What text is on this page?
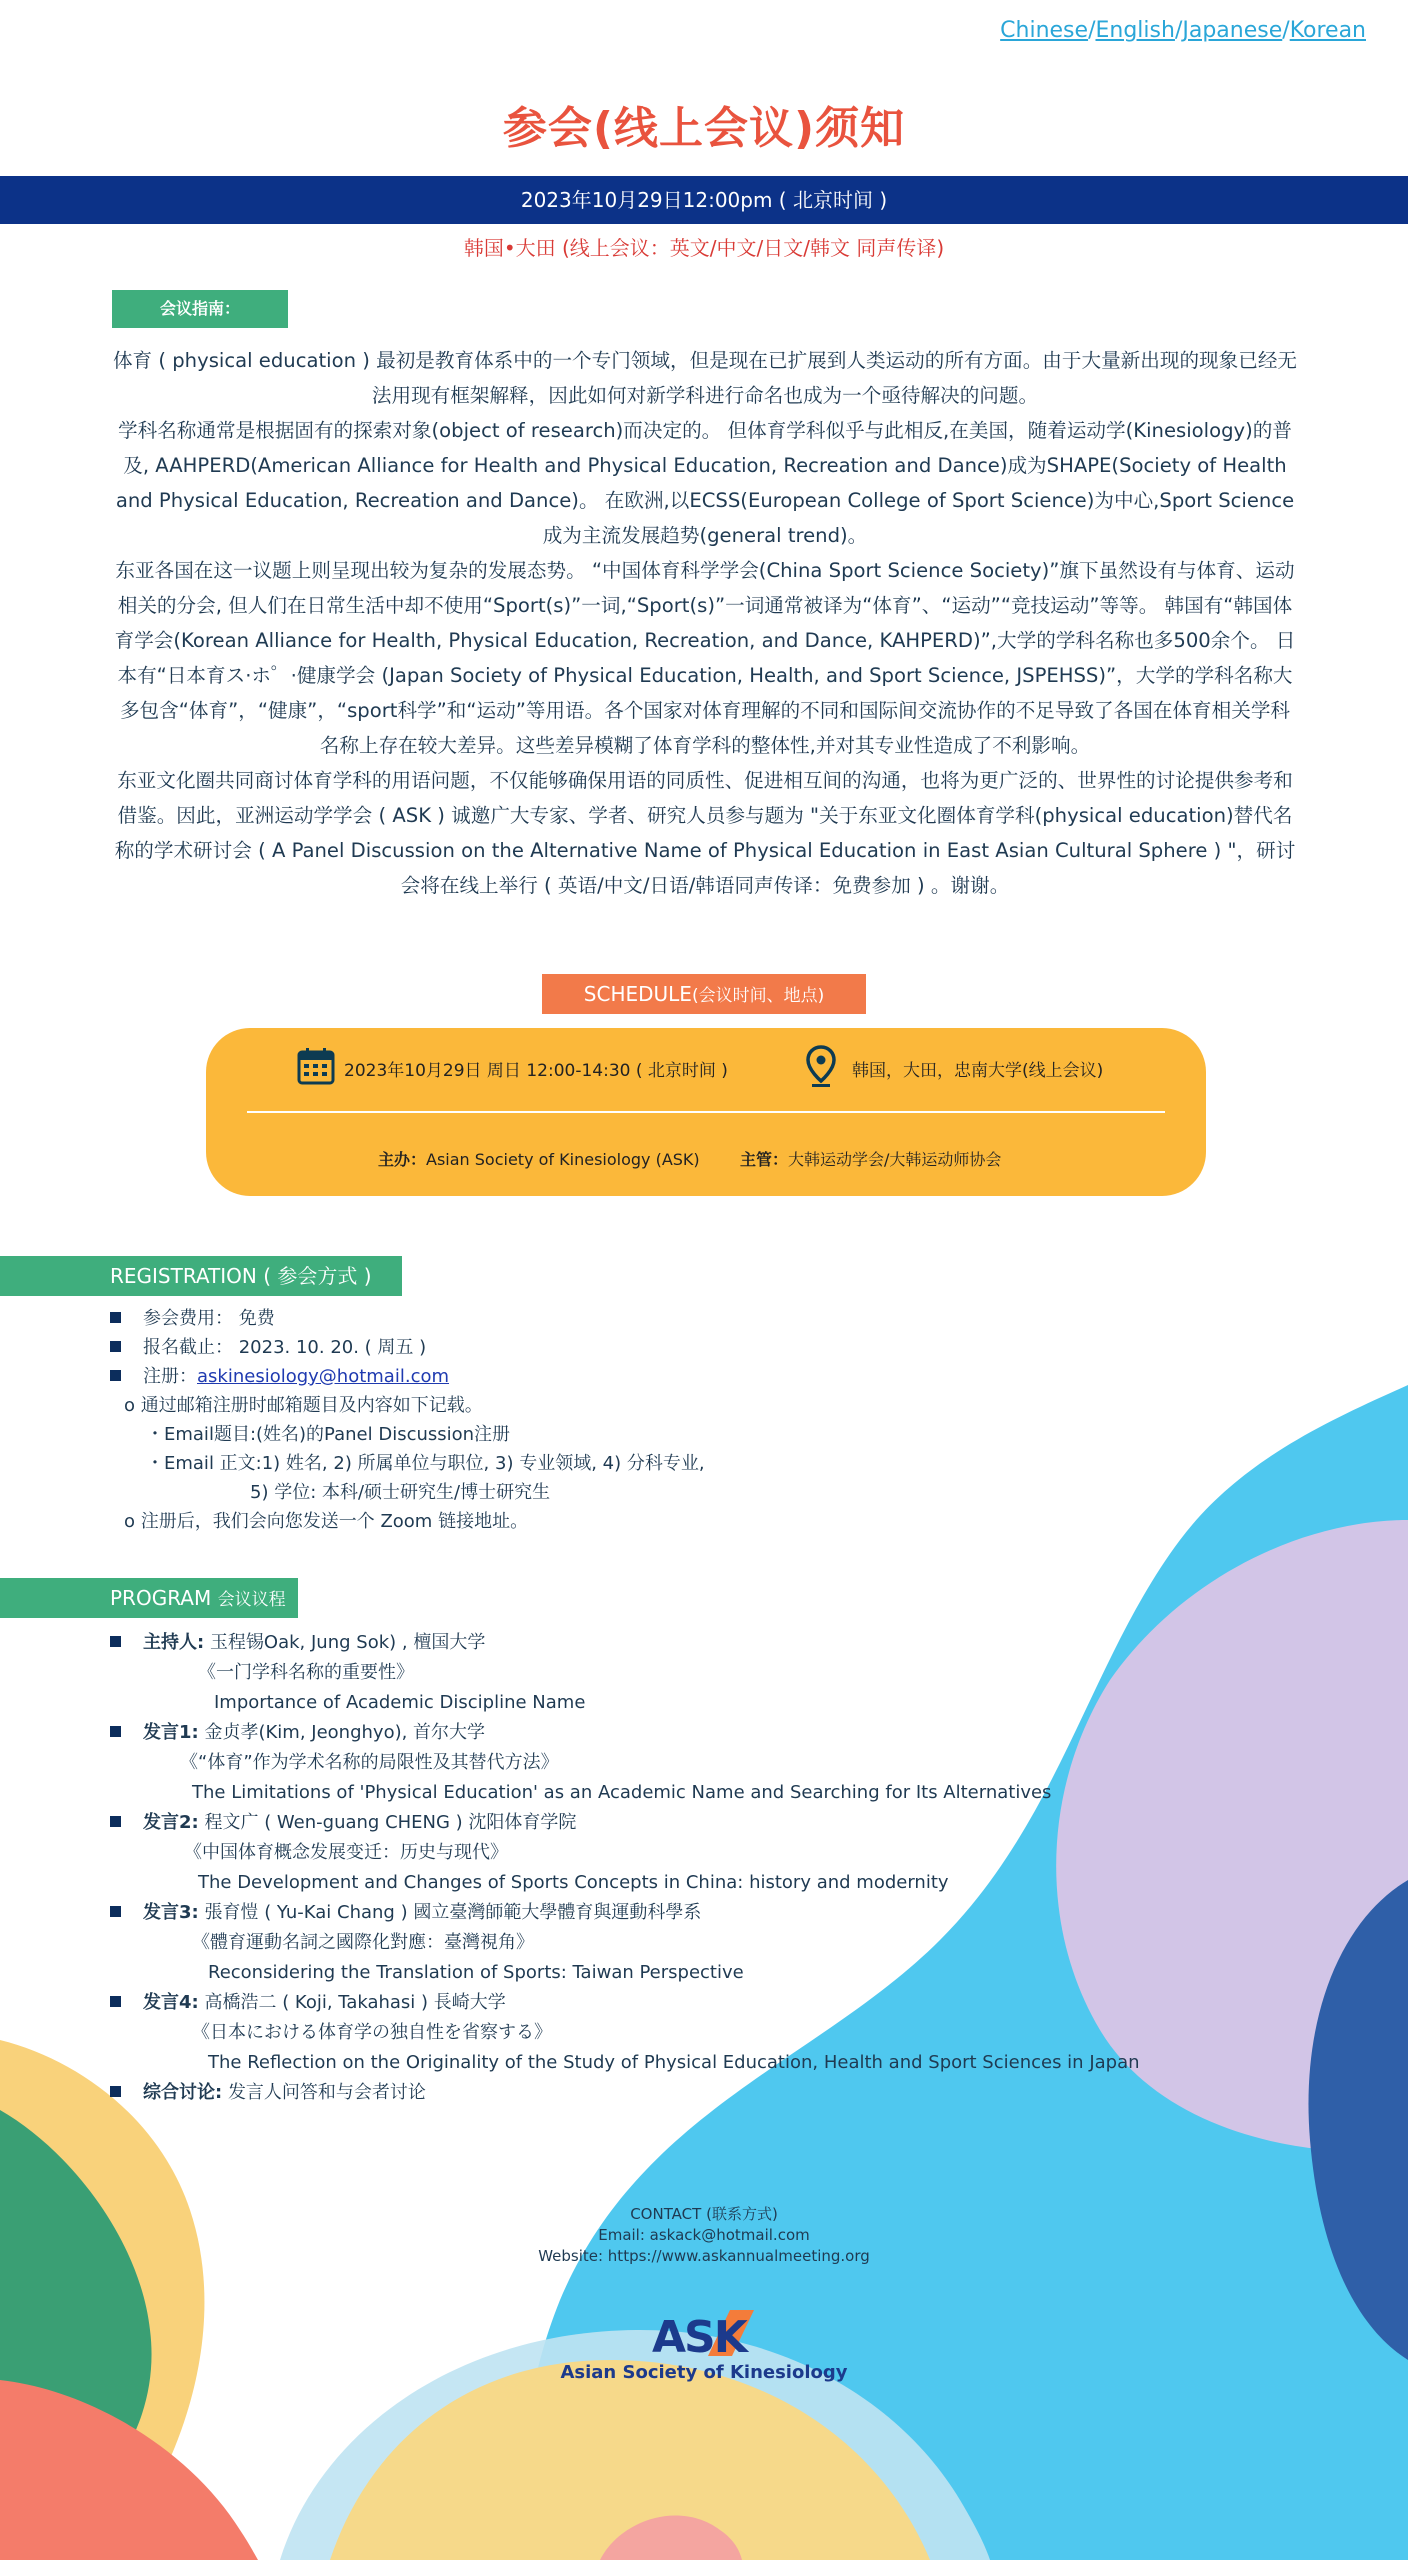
Chinese/English/Japanese/Korean
参会(线上会议)须知
2023年10月29日12:00pm ( 北京时间 )
韩国•大田 (线上会议：英文/中文/日文/韩文 同声传译)
会议指南：

体育 ( physical education ) 最初是教育体系中的一个专门领域，但是现在已扩展到人类运动的所有方面。由于大量新出现的现象已经无法用现有框架解释，因此如何对新学科进行命名也成为一个亟待解决的问题。

学科名称通常是根据固有的探索对象(object of research)而决定的。 但体育学科似乎与此相反,在美国，随着运动学(Kinesiology)的普及, AAHPERD(American Alliance for Health and Physical Education, Recreation and Dance)成为SHAPE(Society of Health and Physical Education, Recreation and Dance)。 在欧洲,以ECSS(European College of Sport Science)为中心,Sport Science成为主流发展趋势(general trend)。

东亚各国在这一议题上则呈现出较为复杂的发展态势。 “中国体育科学学会(China Sport Science Society)”旗下虽然设有与体育、运动相关的分会, 但人们在日常生活中却不使用“Sport(s)”一词,“Sport(s)”一词通常被译为“体育”、“运动”“竞技运动”等等。 韩国有“韩国体育学会(Korean Alliance for Health, Physical Education, Recreation, and Dance, KAHPERD)”,大学的学科名称也多500余个。 日本有“日本育ス·ホ゜·健康学会 (Japan Society of Physical Education, Health, and Sport Science, JSPEHSS)”，大学的学科名称大多包含“体育”，“健康”，“sport科学”和“运动”等用语。各个国家对体育理解的不同和国际间交流协作的不足导致了各国在体育相关学科名称上存在较大差异。这些差异模糊了体育学科的整体性,并对其专业性造成了不利影响。

东亚文化圈共同商讨体育学科的用语问题，不仅能够确保用语的同质性、促进相互间的沟通，也将为更广泛的、世界性的讨论提供参考和借鉴。因此，亚洲运动学学会 ( ASK ) 诚邀广大专家、学者、研究人员参与题为 "关于东亚文化圈体育学科(physical education)替代名称的学术研讨会 ( A Panel Discussion on the Alternative Name of Physical Education in East Asian Cultural Sphere ) "，研讨会将在线上举行 ( 英语/中文/日语/韩语同声传译：免费参加 ) 。谢谢。

SCHEDULE(会议时间、地点)
2023年10月29日 周日 12:00-14:30 ( 北京时间 )	韩国，大田，忠南大学(线上会议)
主办：Asian Society of Kinesiology (ASK)	主管：大韩运动学会/大韩运动师协会
REGISTRATION ( 参会方式 )
参会费用： 免费
报名截止： 2023. 10. 20. ( 周五 )
注册：askinesiology@hotmail.com
o 通过邮箱注册时邮箱题目及内容如下记载。
・Email题目:(姓名)的Panel Discussion注册
・Email 正文:1) 姓名, 2) 所属单位与职位, 3) 专业领域, 4) 分科专业,
5) 学位: 本科/硕士研究生/博士研究生
o 注册后，我们会向您发送一个 Zoom 链接地址。
PROGRAM 会议议程
主持人: 玉程锡Oak, Jung Sok) , 檀国大学
《一门学科名称的重要性》
Importance of Academic Discipline Name
发言1: 金贞孝(Kim, Jeonghyo), 首尔大学
《“体育”作为学术名称的局限性及其替代方法》
The Limitations of 'Physical Education' as an Academic Name and Searching for Its Alternatives
发言2: 程文广 ( Wen-guang CHENG ) 沈阳体育学院
《中国体育概念发展变迁：历史与现代》
The Development and Changes of Sports Concepts in China: history and modernity
发言3: 張育愷 ( Yu-Kai Chang ) 國立臺灣師範大學體育與運動科學系
《體育運動名詞之國際化對應：臺灣視角》
Reconsidering the Translation of Sports: Taiwan Perspective
发言4: 高橋浩二 ( Koji, Takahasi ) 長崎大学
《日本における体育学の独自性を省察する》
The Reflection on the Originality of the Study of Physical Education, Health and Sport Sciences in Japan
综合讨论: 发言人问答和与会者讨论
CONTACT (联系方式)
Email: askack@hotmail.com
Website: https://www.askannualmeeting.org
ASK
Asian Society of Kinesiology
